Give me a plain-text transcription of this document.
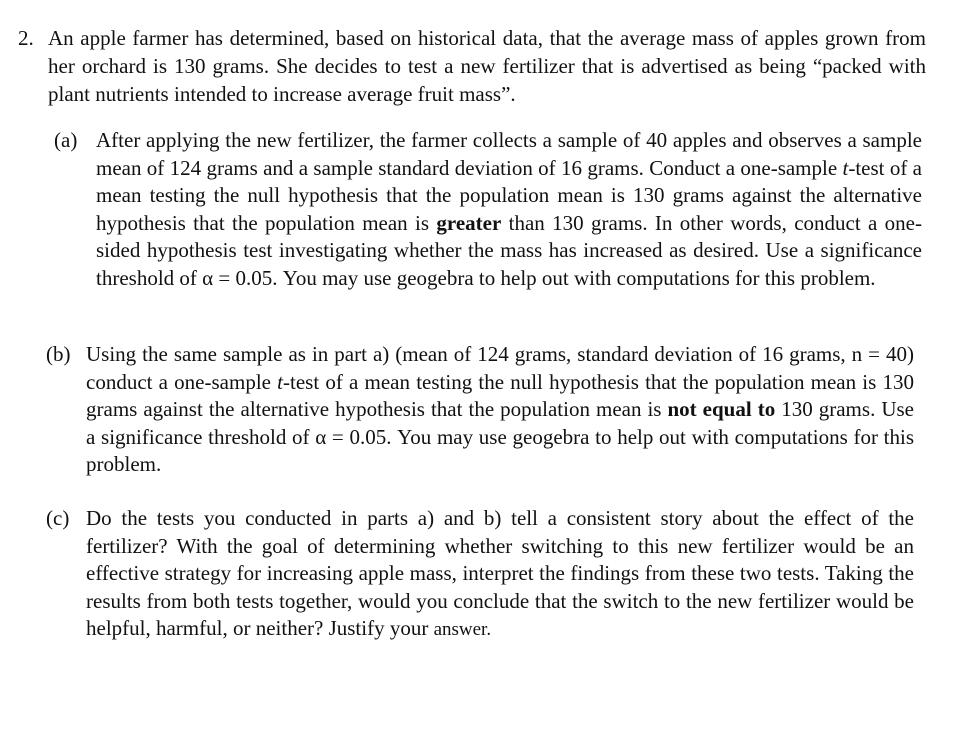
2. An apple farmer has determined, based on historical data, that the average mass of apples grown from her orchard is 130 grams. She decides to test a new fertilizer that is advertised as being “packed with plant nutrients intended to increase average fruit mass”.
(a) After applying the new fertilizer, the farmer collects a sample of 40 apples and observes a sample mean of 124 grams and a sample standard deviation of 16 grams. Conduct a one-sample t-test of a mean testing the null hypothesis that the population mean is 130 grams against the alternative hypothesis that the population mean is greater than 130 grams. In other words, conduct a one-sided hypothesis test investigating whether the mass has increased as desired. Use a significance threshold of α = 0.05. You may use geogebra to help out with computations for this problem.
(b) Using the same sample as in part a) (mean of 124 grams, standard deviation of 16 grams, n = 40) conduct a one-sample t-test of a mean testing the null hypothesis that the population mean is 130 grams against the alternative hypothesis that the population mean is not equal to 130 grams. Use a significance threshold of α = 0.05. You may use geogebra to help out with computations for this problem.
(c) Do the tests you conducted in parts a) and b) tell a consistent story about the effect of the fertilizer? With the goal of determining whether switching to this new fertilizer would be an effective strategy for increasing apple mass, interpret the findings from these two tests. Taking the results from both tests together, would you conclude that the switch to the new fertilizer would be helpful, harmful, or neither? Justify your answer.
